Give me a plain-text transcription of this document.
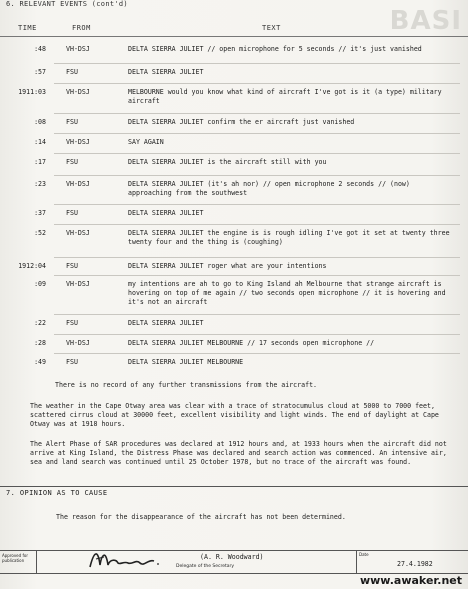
BASI
6. RELEVANT EVENTS (cont'd)
TIME	FROM	TEXT
:48	VH-DSJ	DELTA SIERRA JULIET // open microphone for 5 seconds // it's just vanished
:57	FSU	DELTA SIERRA JULIET
1911:03	VH-DSJ	MELBOURNE would you know what kind of aircraft I've got is it (a type) military aircraft
:08	FSU	DELTA SIERRA JULIET confirm the er aircraft just vanished
:14	VH-DSJ	SAY AGAIN
:17	FSU	DELTA SIERRA JULIET is the aircraft still with you
:23	VH-DSJ	DELTA SIERRA JULIET (it's ah nor) // open microphone 2 seconds // (now) approaching from the southwest
:37	FSU	DELTA SIERRA JULIET
:52	VH-DSJ	DELTA SIERRA JULIET the engine is is rough idling I've got it set at twenty three twenty four and the thing is (coughing)
1912:04	FSU	DELTA SIERRA JULIET roger what are your intentions
:09	VH-DSJ	my intentions are ah to go to King Island ah Melbourne that strange aircraft is hovering on top of me again // two seconds open microphone // it is hovering and it's not an aircraft
:22	FSU	DELTA SIERRA JULIET
:28	VH-DSJ	DELTA SIERRA JULIET MELBOURNE // 17 seconds open microphone //
:49	FSU	DELTA SIERRA JULIET MELBOURNE
There is no record of any further transmissions from the aircraft.
The weather in the Cape Otway area was clear with a trace of stratocumulus cloud at 5000 to 7000 feet, scattered cirrus cloud at 30000 feet, excellent visibility and light winds. The end of daylight at Cape Otway was at 1918 hours.
The Alert Phase of SAR procedures was declared at 1912 hours and, at 1933 hours when the aircraft did not arrive at King Island, the Distress Phase was declared and search action was commenced. An intensive air, sea and land search was continued until 25 October 1978, but no trace of the aircraft was found.
7. OPINION AS TO CAUSE
The reason for the disappearance of the aircraft has not been determined.
Approved for publication	(A. R. Woodward)
Delegate of the Secretary
Date
27.4.1982
www.awaker.net
